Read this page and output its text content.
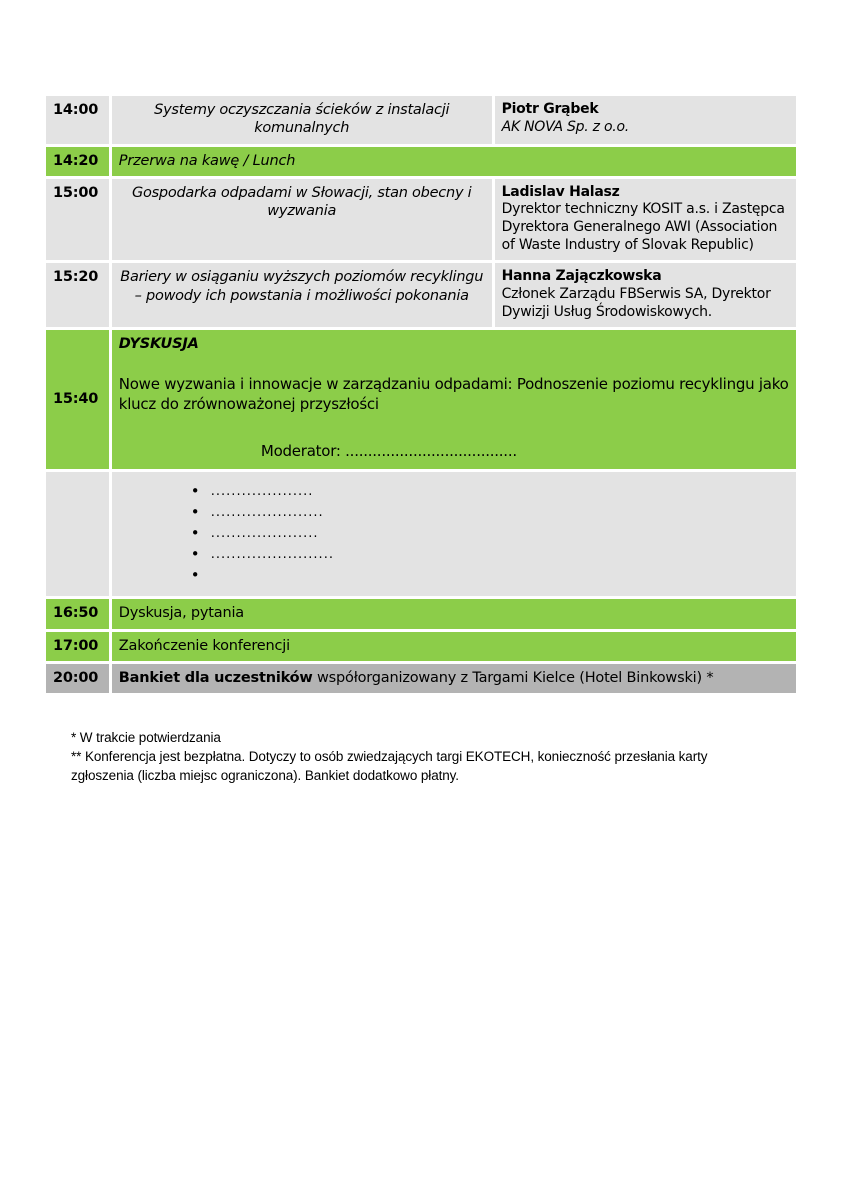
14:00	Systemy oczyszczania ścieków z instalacji komunalnych	Piotr Grąbek
AK NOVA Sp. z o.o.

14:20	Przerwa na kawę / Lunch	
15:00	Gospodarka odpadami w Słowacji, stan obecny i wyzwania	Ladislav Halasz
Dyrektor techniczny KOSIT a.s. i Zastępca Dyrektora Generalnego AWI (Association of Waste Industry of Slovak Republic)

15:20	Bariery w osiąganiu wyższych poziomów recyklingu – powody ich powstania i możliwości pokonania	Hanna Zajączkowska
Członek Zarządu FBSerwis SA, Dyrektor Dywizji Usług Środowiskowych.

15:40	DYSKUSJA

Nowe wyzwania i innowacje w zarządzaniu odpadami: Podnoszenie poziomu recyklingu jako klucz do zrównoważonej przyszłości

Moderator: ......................................	

• ....................
• ......................
• .....................
• ........................
•

16:50	Dyskusja, pytania	
17:00	Zakończenie konferencji	
20:00	Bankiet dla uczestników współorganizowany z Targami Kielce (Hotel Binkowski) *	
* W trakcie potwierdzania
** Konferencja jest bezpłatna. Dotyczy to osób zwiedzających targi EKOTECH, konieczność przesłania karty zgłoszenia (liczba miejsc ograniczona). Bankiet dodatkowo płatny.
